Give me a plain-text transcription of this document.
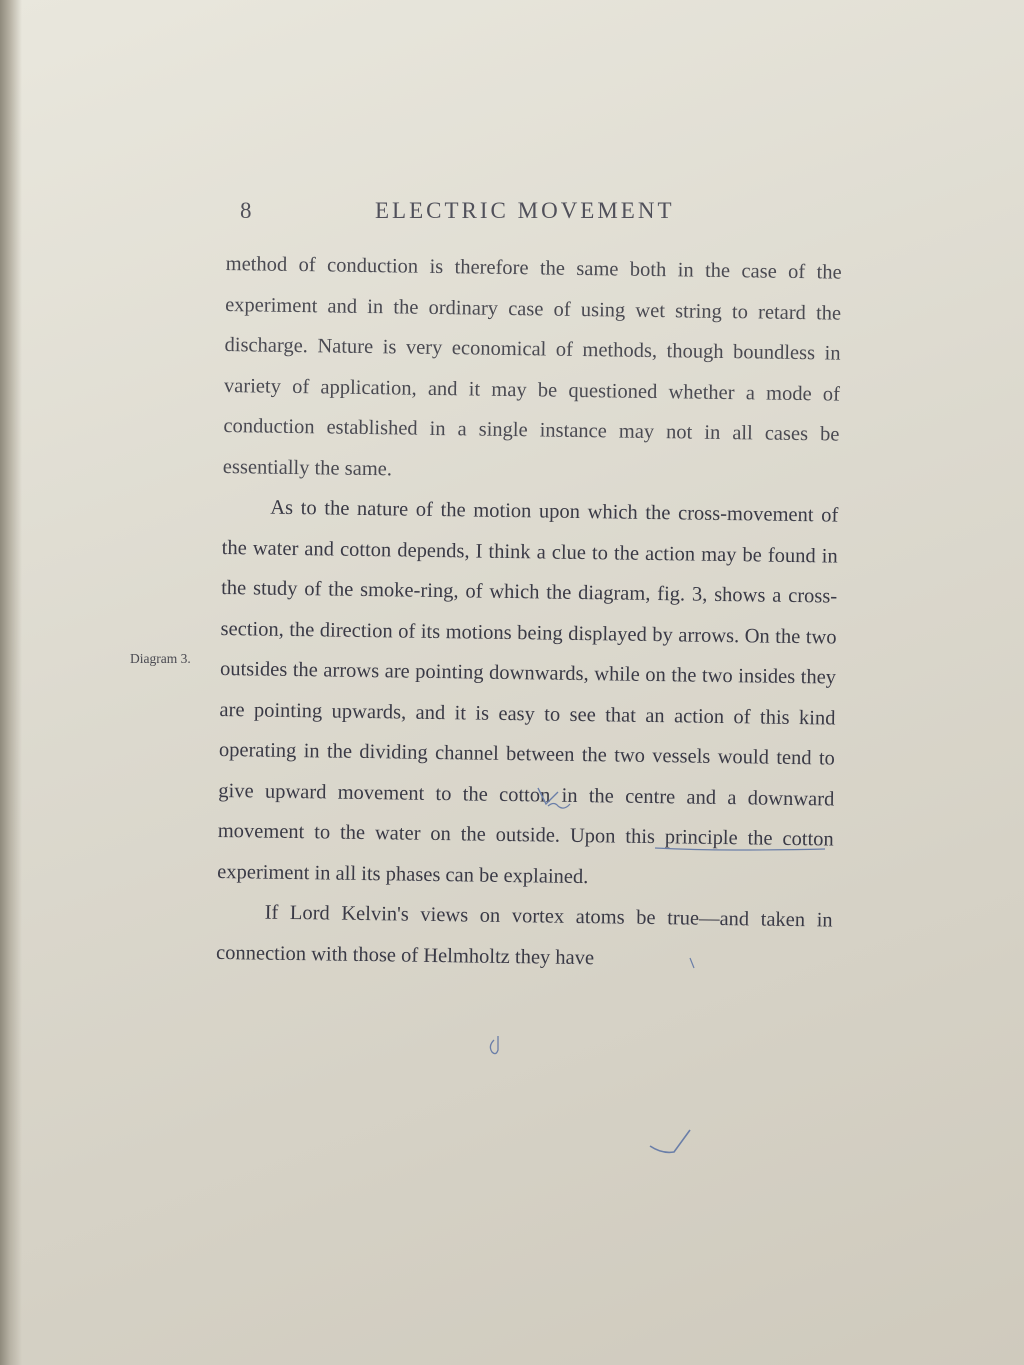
8	ELECTRIC MOVEMENT
Diagram 3.

method of conduction is therefore the same both in the case of the experiment and in the ordinary case of using wet string to retard the discharge. Nature is very economical of methods, though boundless in variety of application, and it may be questioned whether a mode of conduction established in a single instance may not in all cases be essentially the same.

As to the nature of the motion upon which the cross-movement of the water and cotton depends, I think a clue to the action may be found in the study of the smoke-ring, of which the diagram, fig. 3, shows a cross-section, the direction of its motions being displayed by arrows. On the two outsides the arrows are pointing downwards, while on the two insides they are pointing upwards, and it is easy to see that an action of this kind operating in the dividing channel between the two vessels would tend to give upward movement to the cotton in the centre and a downward movement to the water on the outside. Upon this principle the cotton experiment in all its phases can be explained.

If Lord Kelvin's views on vortex atoms be true—and taken in connection with those of Helmholtz they have
